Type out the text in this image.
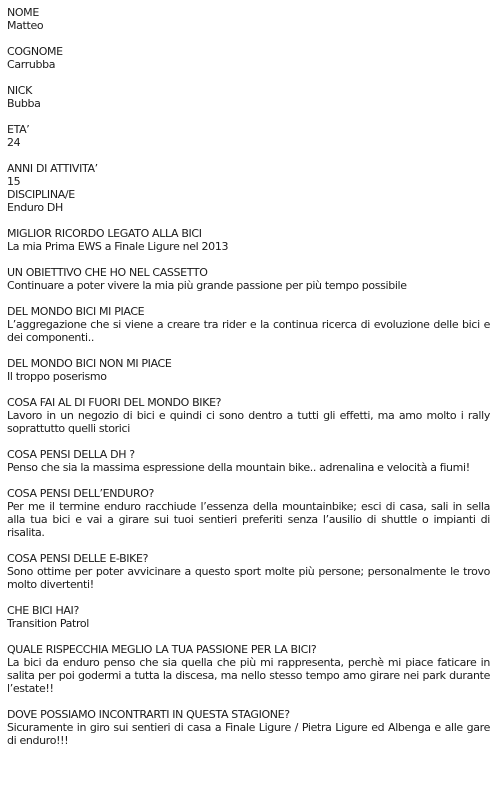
NOME
Matteo
COGNOME
Carrubba
NICK
Bubba
ETA’
24
ANNI DI ATTIVITA’
15
DISCIPLINA/E
Enduro DH
MIGLIOR RICORDO LEGATO ALLA BICI
La mia Prima EWS a Finale Ligure nel 2013
UN OBIETTIVO CHE HO NEL CASSETTO
Continuare a poter vivere la mia più grande passione per più tempo possibile
DEL MONDO BICI MI PIACE
L’aggregazione che si viene a creare tra rider e la continua ricerca di evoluzione delle bici e dei componenti..
DEL MONDO BICI NON MI PIACE
Il troppo poserismo
COSA FAI AL DI FUORI DEL MONDO BIKE?
Lavoro in un negozio di bici e quindi ci sono dentro a tutti gli effetti, ma amo molto i rally soprattutto quelli storici
COSA PENSI DELLA DH ?
Penso che sia la massima espressione della mountain bike.. adrenalina e velocità a fiumi!
COSA PENSI DELL’ENDURO?
Per me il termine enduro racchiude l’essenza della mountainbike; esci di casa, sali in sella alla tua bici e vai a girare sui tuoi sentieri preferiti senza l’ausilio di shuttle o impianti di risalita.
COSA PENSI DELLE E-BIKE?
Sono ottime per poter avvicinare a questo sport molte più persone; personalmente le trovo molto divertenti!
CHE BICI HAI?
Transition Patrol
QUALE RISPECCHIA MEGLIO LA TUA PASSIONE PER LA BICI?
La bici da enduro penso che sia quella che più mi rappresenta, perchè mi piace faticare in salita per poi godermi a tutta la discesa, ma nello stesso tempo amo girare nei park durante l’estate!!
DOVE POSSIAMO INCONTRARTI IN QUESTA STAGIONE?
Sicuramente in giro sui sentieri di casa a Finale Ligure / Pietra Ligure ed Albenga e alle gare di enduro!!!
